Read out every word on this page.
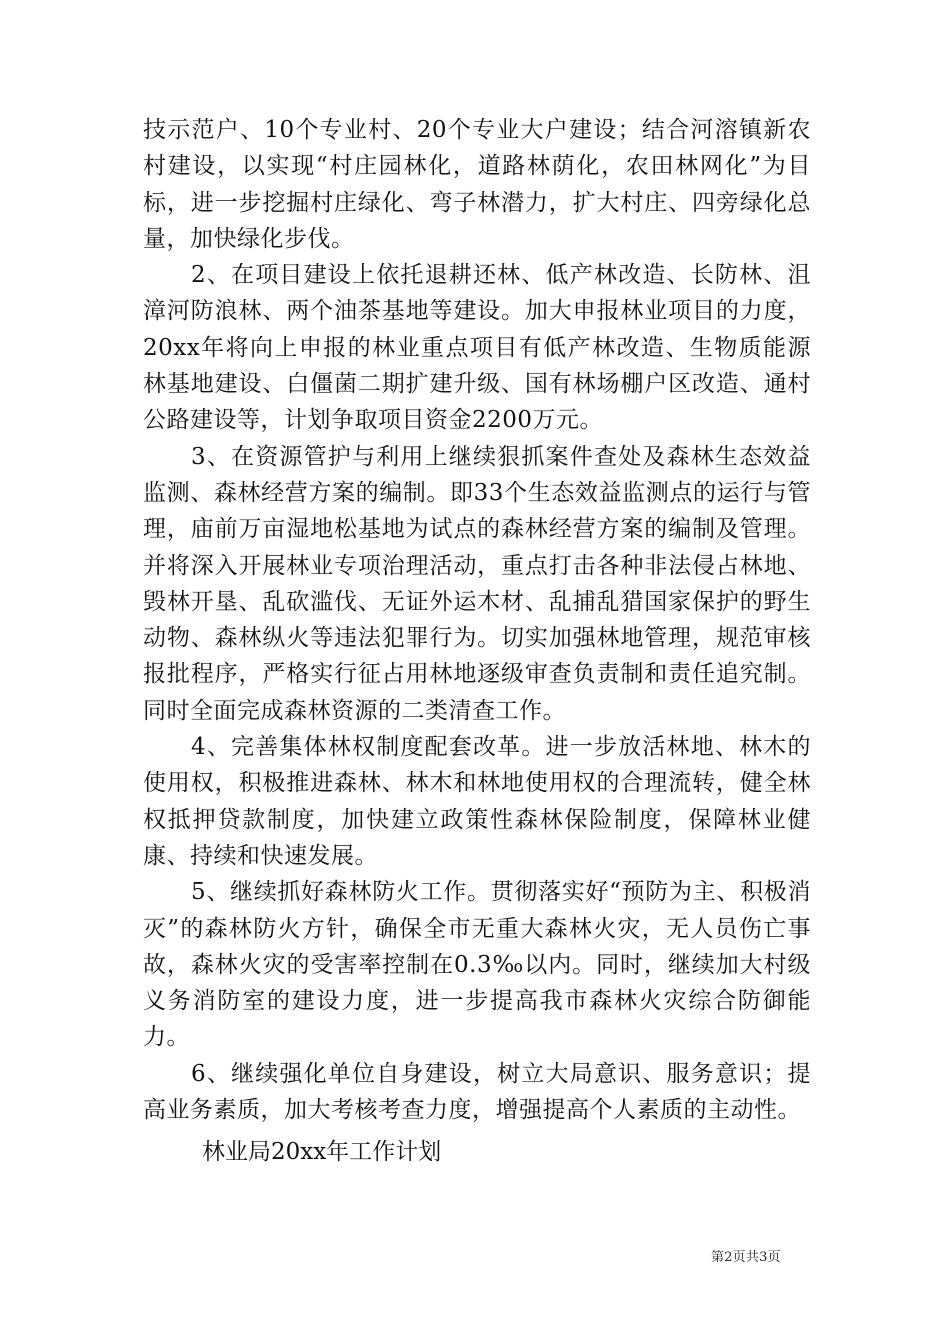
技示范户、10个专业村、20个专业大户建设；结合河溶镇新农村建设，以实现“村庄园林化，道路林荫化，农田林网化”为目标，进一步挖掘村庄绿化、弯子林潜力，扩大村庄、四旁绿化总量，加快绿化步伐。

2、在项目建设上依托退耕还林、低产林改造、长防林、沮漳河防浪林、两个油茶基地等建设。加大申报林业项目的力度，20xx年将向上申报的林业重点项目有低产林改造、生物质能源林基地建设、白僵菌二期扩建升级、国有林场棚户区改造、通村公路建设等，计划争取项目资金2200万元。

3、在资源管护与利用上继续狠抓案件查处及森林生态效益监测、森林经营方案的编制。即33个生态效益监测点的运行与管理，庙前万亩湿地松基地为试点的森林经营方案的编制及管理。并将深入开展林业专项治理活动，重点打击各种非法侵占林地、毁林开垦、乱砍滥伐、无证外运木材、乱捕乱猎国家保护的野生动物、森林纵火等违法犯罪行为。切实加强林地管理，规范审核报批程序，严格实行征占用林地逐级审查负责制和责任追究制。同时全面完成森林资源的二类清查工作。

4、完善集体林权制度配套改革。进一步放活林地、林木的使用权，积极推进森林、林木和林地使用权的合理流转，健全林权抵押贷款制度，加快建立政策性森林保险制度，保障林业健康、持续和快速发展。

5、继续抓好森林防火工作。贯彻落实好“预防为主、积极消灭”的森林防火方针，确保全市无重大森林火灾，无人员伤亡事故，森林火灾的受害率控制在0.3‰以内。同时，继续加大村级义务消防室的建设力度，进一步提高我市森林火灾综合防御能力。

6、继续强化单位自身建设，树立大局意识、服务意识；提高业务素质，加大考核考查力度，增强提高个人素质的主动性。

林业局20xx年工作计划
第2页共3页
